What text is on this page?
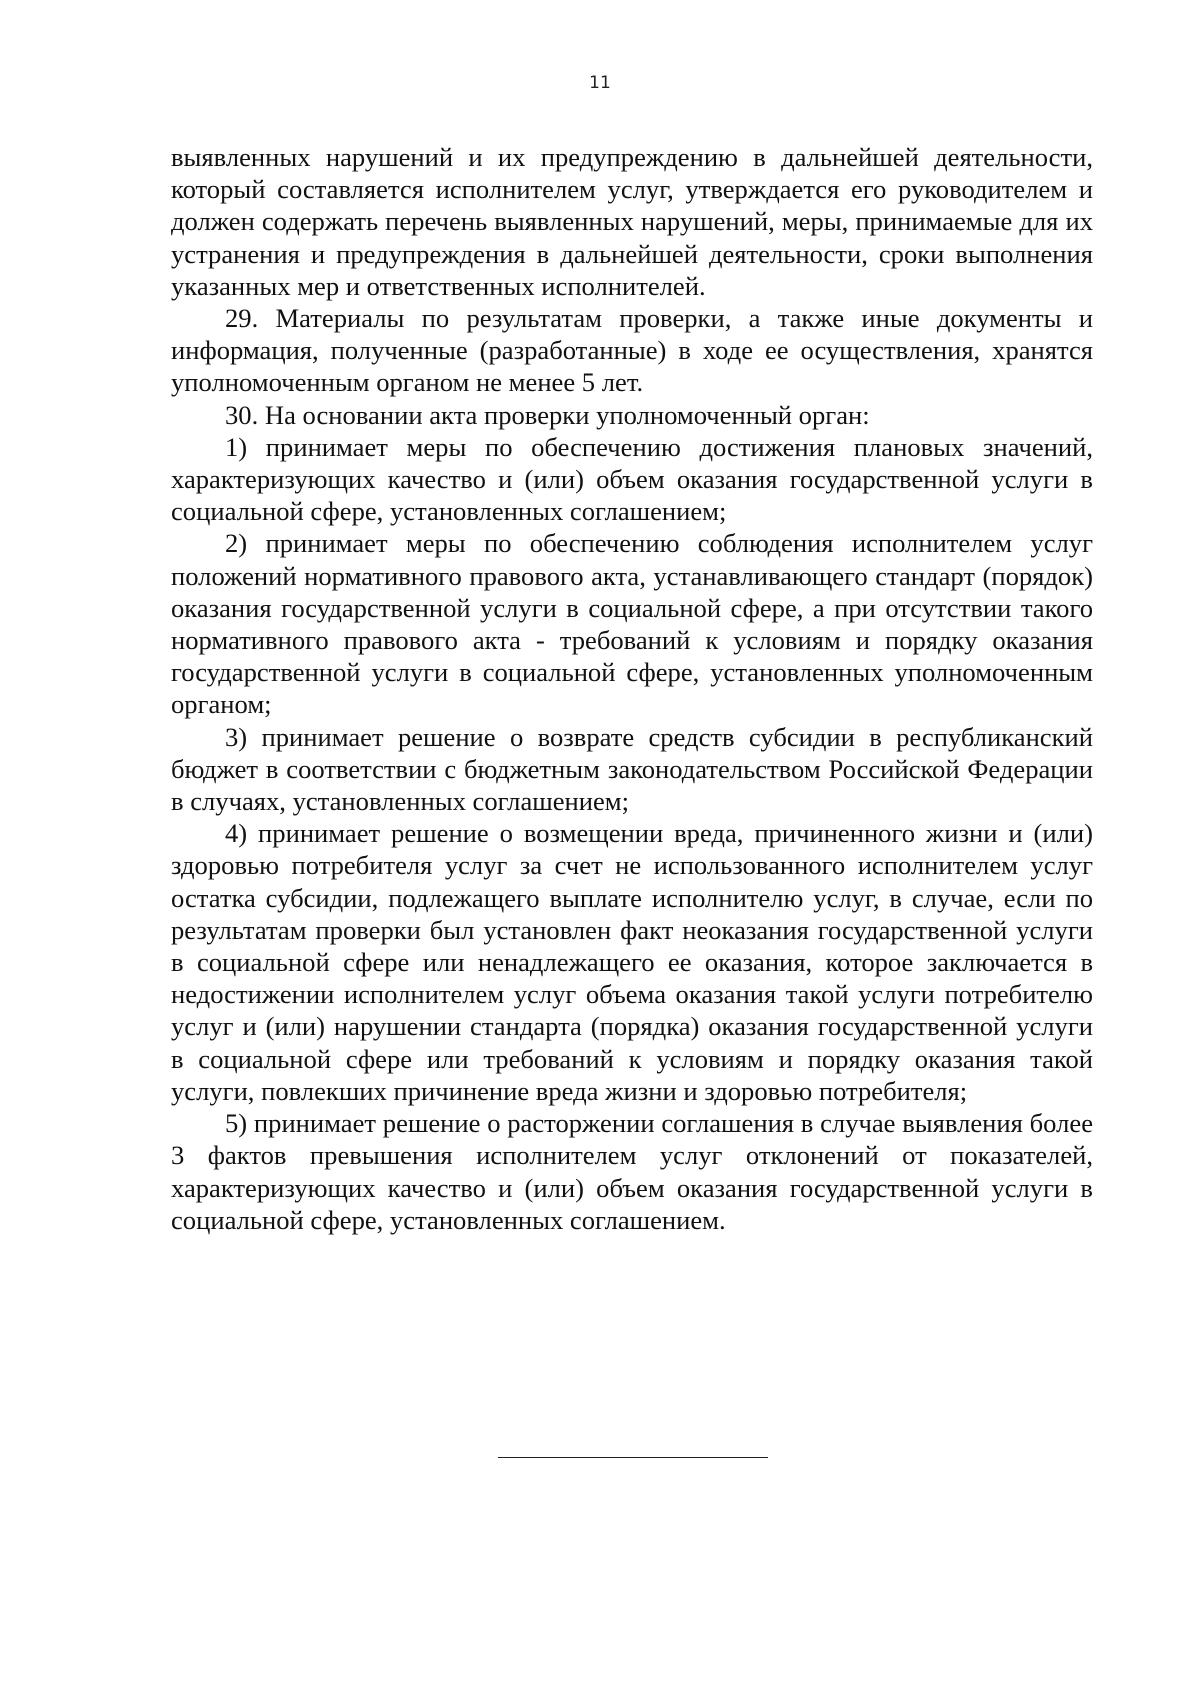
11

выявленных нарушений и их предупреждению в дальнейшей деятельности, который составляется исполнителем услуг, утверждается его руководителем и должен содержать перечень выявленных нарушений, меры, принимаемые для их устранения и предупреждения в дальнейшей деятельности, сроки выполнения указанных мер и ответственных исполнителей.

29. Материалы по результатам проверки, а также иные документы и информация, полученные (разработанные) в ходе ее осуществления, хранятся уполномоченным органом не менее 5 лет.

30. На основании акта проверки уполномоченный орган:

1) принимает меры по обеспечению достижения плановых значений, характеризующих качество и (или) объем оказания государственной услуги в социальной сфере, установленных соглашением;

2) принимает меры по обеспечению соблюдения исполнителем услуг положений нормативного правового акта, устанавливающего стандарт (порядок) оказания государственной услуги в социальной сфере, а при отсутствии такого нормативного правового акта - требований к условиям и порядку оказания государственной услуги в социальной сфере, установленных уполномоченным органом;

3) принимает решение о возврате средств субсидии в республиканский бюджет в соответствии с бюджетным законодательством Российской Федерации в случаях, установленных соглашением;

4) принимает решение о возмещении вреда, причиненного жизни и (или) здоровью потребителя услуг за счет не использованного исполнителем услуг остатка субсидии, подлежащего выплате исполнителю услуг, в случае, если по результатам проверки был установлен факт неоказания государственной услуги в социальной сфере или ненадлежащего ее оказания, которое заключается в недостижении исполнителем услуг объема оказания такой услуги потребителю услуг и (или) нарушении стандарта (порядка) оказания государственной услуги в социальной сфере или требований к условиям и порядку оказания такой услуги, повлекших причинение вреда жизни и здоровью потребителя;

5) принимает решение о расторжении соглашения в случае выявления более 3 фактов превышения исполнителем услуг отклонений от показателей, характеризующих качество и (или) объем оказания государственной услуги в социальной сфере, установленных соглашением.
